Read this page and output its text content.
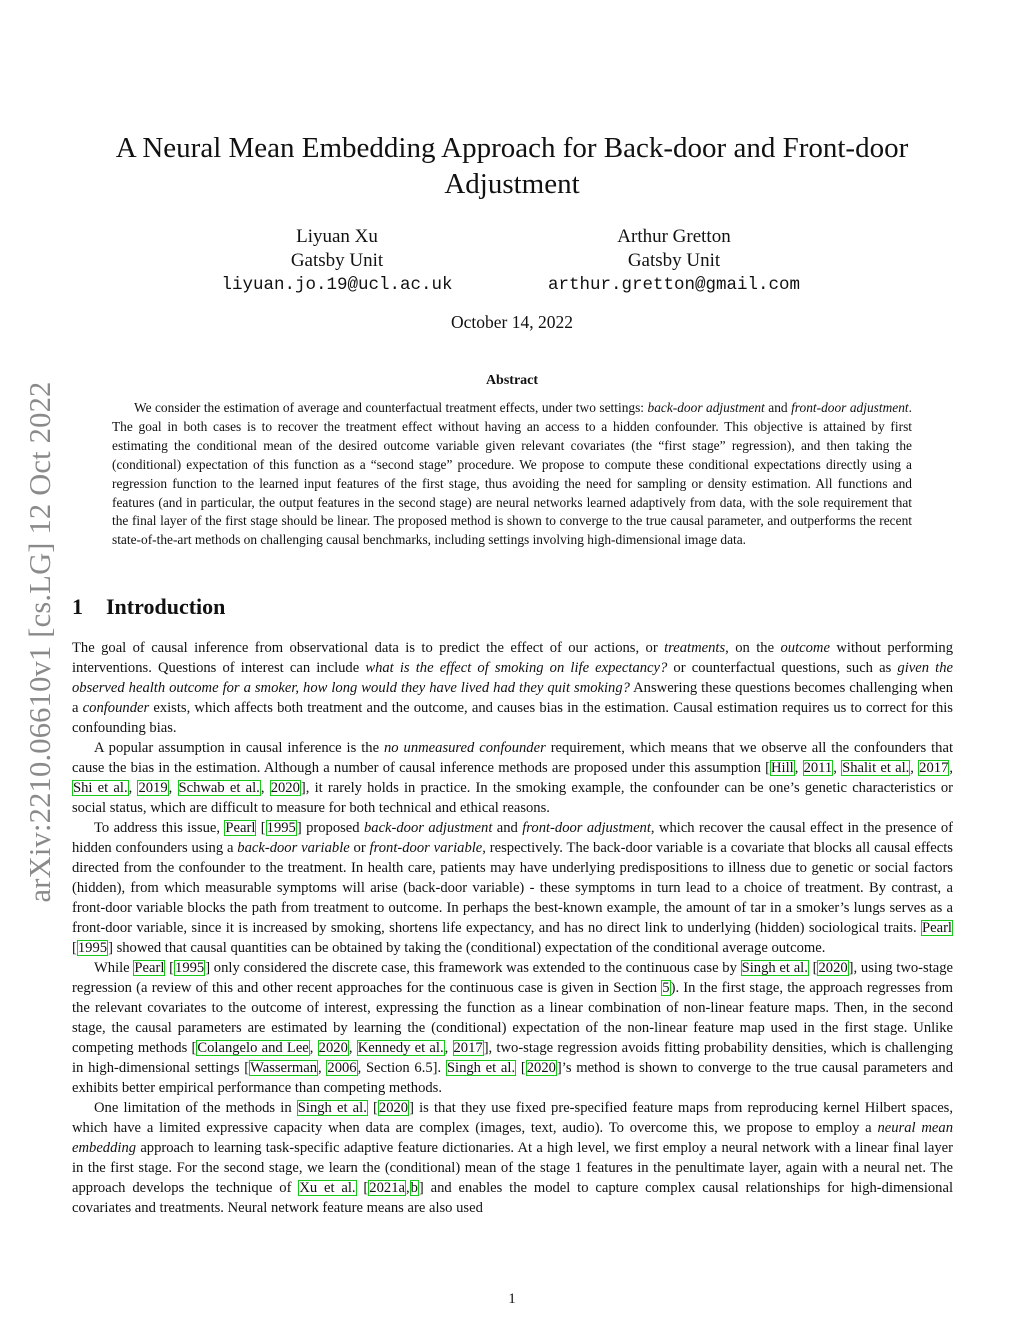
arXiv:2210.06610v1 [cs.LG] 12 Oct 2022
A Neural Mean Embedding Approach for Back-door and Front-door Adjustment
Liyuan Xu
Gatsby Unit
liyuan.jo.19@ucl.ac.uk
Arthur Gretton
Gatsby Unit
arthur.gretton@gmail.com
October 14, 2022
Abstract

We consider the estimation of average and counterfactual treatment effects, under two settings: back-door adjustment and front-door adjustment. The goal in both cases is to recover the treatment effect without having an access to a hidden confounder. This objective is attained by first estimating the conditional mean of the desired outcome variable given relevant covariates (the “first stage” regression), and then taking the (conditional) expectation of this function as a “second stage” procedure. We propose to compute these conditional expectations directly using a regression function to the learned input features of the first stage, thus avoiding the need for sampling or density estimation. All functions and features (and in particular, the output features in the second stage) are neural networks learned adaptively from data, with the sole requirement that the final layer of the first stage should be linear. The proposed method is shown to converge to the true causal parameter, and outperforms the recent state-of-the-art methods on challenging causal benchmarks, including settings involving high-dimensional image data.

1 Introduction

The goal of causal inference from observational data is to predict the effect of our actions, or treatments, on the outcome without performing interventions. Questions of interest can include what is the effect of smoking on life expectancy? or counterfactual questions, such as given the observed health outcome for a smoker, how long would they have lived had they quit smoking? Answering these questions becomes challenging when a confounder exists, which affects both treatment and the outcome, and causes bias in the estimation. Causal estimation requires us to correct for this confounding bias.

A popular assumption in causal inference is the no unmeasured confounder requirement, which means that we observe all the confounders that cause the bias in the estimation. Although a number of causal inference methods are proposed under this assumption [Hill, 2011, Shalit et al., 2017, Shi et al., 2019, Schwab et al., 2020], it rarely holds in practice. In the smoking example, the confounder can be one’s genetic characteristics or social status, which are difficult to measure for both technical and ethical reasons.

To address this issue, Pearl [1995] proposed back-door adjustment and front-door adjustment, which recover the causal effect in the presence of hidden confounders using a back-door variable or front-door variable, respectively. The back-door variable is a covariate that blocks all causal effects directed from the confounder to the treatment. In health care, patients may have underlying predispositions to illness due to genetic or social factors (hidden), from which measurable symptoms will arise (back-door variable) - these symptoms in turn lead to a choice of treatment. By contrast, a front-door variable blocks the path from treatment to outcome. In perhaps the best-known example, the amount of tar in a smoker’s lungs serves as a front-door variable, since it is increased by smoking, shortens life expectancy, and has no direct link to underlying (hidden) sociological traits. Pearl [1995] showed that causal quantities can be obtained by taking the (conditional) expectation of the conditional average outcome.

While Pearl [1995] only considered the discrete case, this framework was extended to the continuous case by Singh et al. [2020], using two-stage regression (a review of this and other recent approaches for the continuous case is given in Section 5). In the first stage, the approach regresses from the relevant covariates to the outcome of interest, expressing the function as a linear combination of non-linear feature maps. Then, in the second stage, the causal parameters are estimated by learning the (conditional) expectation of the non-linear feature map used in the first stage. Unlike competing methods [Colangelo and Lee, 2020, Kennedy et al., 2017], two-stage regression avoids fitting probability densities, which is challenging in high-dimensional settings [Wasserman, 2006, Section 6.5]. Singh et al. [2020]’s method is shown to converge to the true causal parameters and exhibits better empirical performance than competing methods.

One limitation of the methods in Singh et al. [2020] is that they use fixed pre-specified feature maps from reproducing kernel Hilbert spaces, which have a limited expressive capacity when data are complex (images, text, audio). To overcome this, we propose to employ a neural mean embedding approach to learning task-specific adaptive feature dictionaries. At a high level, we first employ a neural network with a linear final layer in the first stage. For the second stage, we learn the (conditional) mean of the stage 1 features in the penultimate layer, again with a neural net. The approach develops the technique of Xu et al. [2021a,b] and enables the model to capture complex causal relationships for high-dimensional covariates and treatments. Neural network feature means are also used

1
